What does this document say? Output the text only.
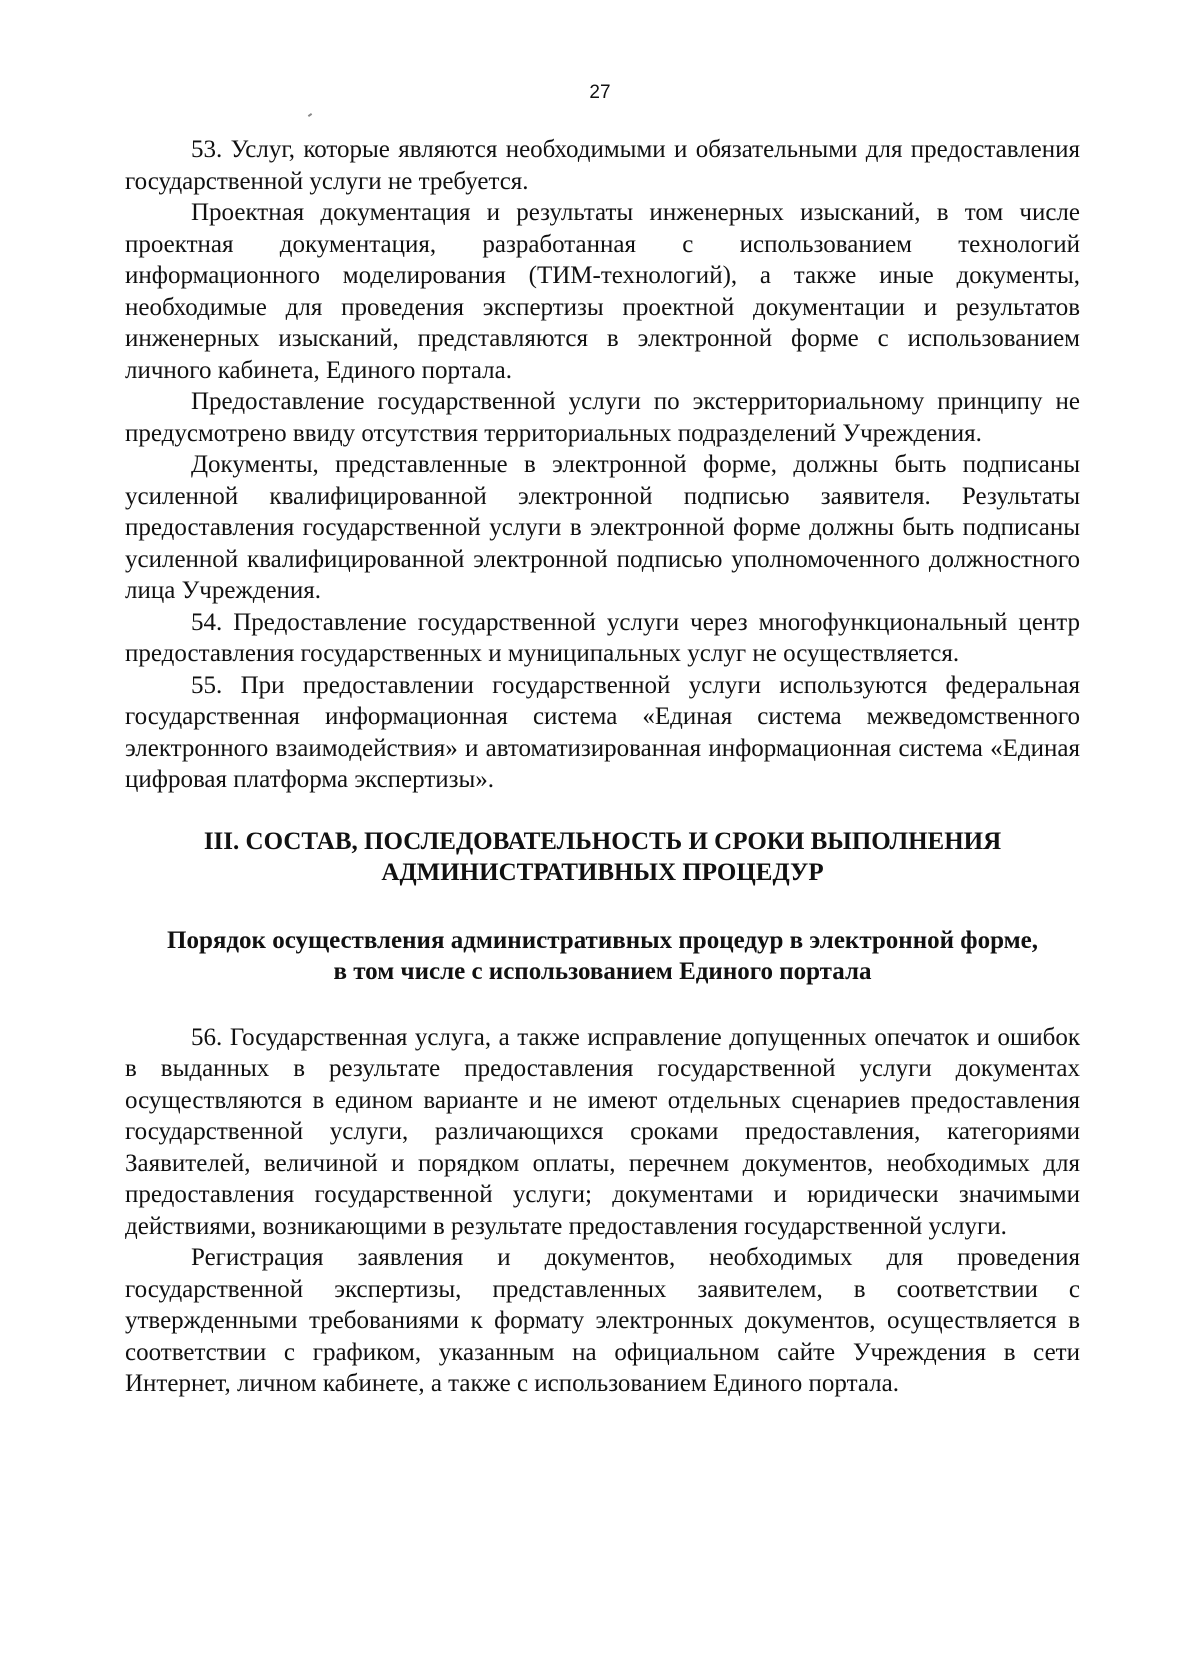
27

53. Услуг, которые являются необходимыми и обязательными для предоставления государственной услуги не требуется.

Проектная документация и результаты инженерных изысканий, в том числе проектная документация, разработанная с использованием технологий информационного моделирования (ТИМ-технологий), а также иные документы, необходимые для проведения экспертизы проектной документации и результатов инженерных изысканий, представляются в электронной форме с использованием личного кабинета, Единого портала.

Предоставление государственной услуги по экстерриториальному принципу не предусмотрено ввиду отсутствия территориальных подразделений Учреждения.

Документы, представленные в электронной форме, должны быть подписаны усиленной квалифицированной электронной подписью заявителя. Результаты предоставления государственной услуги в электронной форме должны быть подписаны усиленной квалифицированной электронной подписью уполномоченного должностного лица Учреждения.

54. Предоставление государственной услуги через многофункциональный центр предоставления государственных и муниципальных услуг не осуществляется.

55. При предоставлении государственной услуги используются федеральная государственная информационная система «Единая система межведомственного электронного взаимодействия» и автоматизированная информационная система «Единая цифровая платформа экспертизы».

III. СОСТАВ, ПОСЛЕДОВАТЕЛЬНОСТЬ И СРОКИ ВЫПОЛНЕНИЯ
АДМИНИСТРАТИВНЫХ ПРОЦЕДУР
Порядок осуществления административных процедур в электронной форме,
в том числе с использованием Единого портала

56. Государственная услуга, а также исправление допущенных опечаток и ошибок в выданных в результате предоставления государственной услуги документах осуществляются в едином варианте и не имеют отдельных сценариев предоставления государственной услуги, различающихся сроками предоставления, категориями Заявителей, величиной и порядком оплаты, перечнем документов, необходимых для предоставления государственной услуги; документами и юридически значимыми действиями, возникающими в результате предоставления государственной услуги.

Регистрация заявления и документов, необходимых для проведения государственной экспертизы, представленных заявителем, в соответствии с утвержденными требованиями к формату электронных документов, осуществляется в соответствии с графиком, указанным на официальном сайте Учреждения в сети Интернет, личном кабинете, а также с использованием Единого портала.
